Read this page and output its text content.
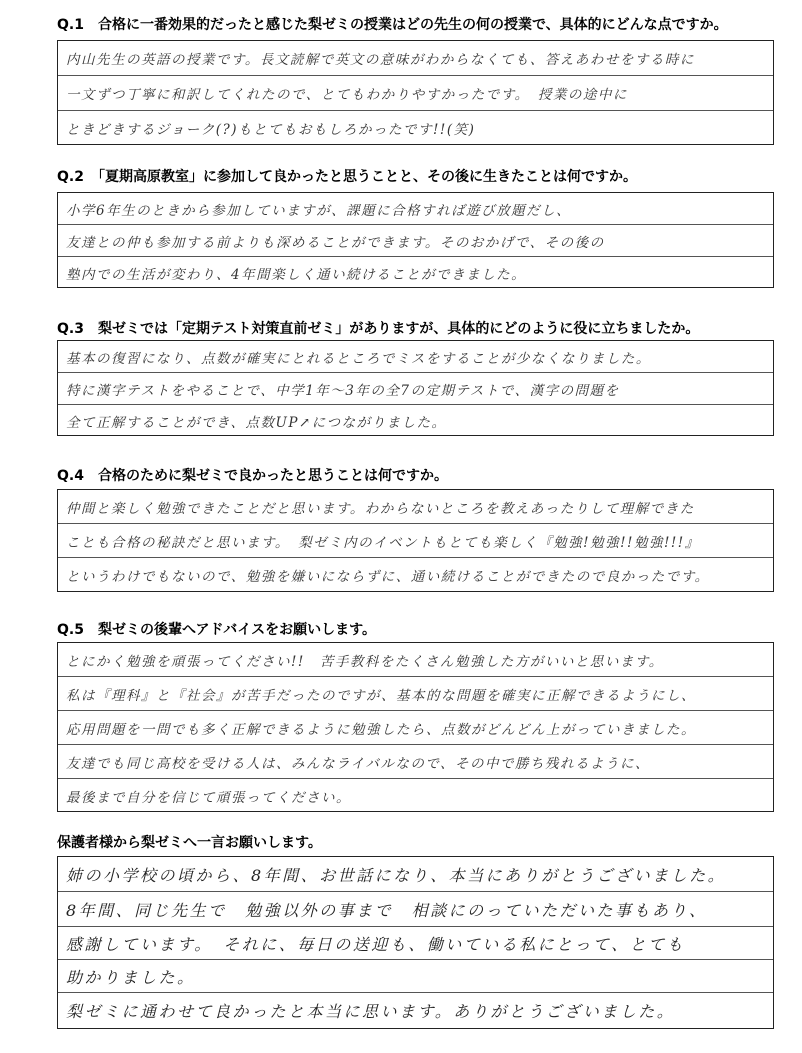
Q.1　合格に一番効果的だったと感じた梨ゼミの授業はどの先生の何の授業で、具体的にどんな点ですか。
内山先生の英語の授業です。長文読解で英文の意味がわからなくても、答えあわせをする時に
一文ずつ丁寧に和訳してくれたので、とてもわかりやすかったです。　授業の途中に
ときどきするジョーク(?)もとてもおもしろかったです!!(笑)
Q.2　「夏期高原教室」に参加して良かったと思うことと、その後に生きたことは何ですか。
小学6年生のときから参加していますが、課題に合格すれば遊び放題だし、
友達との仲も参加する前よりも深めることができます。そのおかげで、その後の
塾内での生活が変わり、4年間楽しく通い続けることができました。
Q.3　梨ゼミでは「定期テスト対策直前ゼミ」がありますが、具体的にどのように役に立ちましたか。
基本の復習になり、点数が確実にとれるところでミスをすることが少なくなりました。
特に漢字テストをやることで、中学1年〜3年の全7の定期テストで、漢字の問題を
全て正解することができ、点数UP↗につながりました。
Q.4　合格のために梨ゼミで良かったと思うことは何ですか。
仲間と楽しく勉強できたことだと思います。わからないところを教えあったりして理解できた
ことも合格の秘訣だと思います。　梨ゼミ内のイベントもとても楽しく『勉強!勉強!!勉強!!!』
というわけでもないので、勉強を嫌いにならずに、通い続けることができたので良かったです。
Q.5　梨ゼミの後輩へアドバイスをお願いします。
とにかく勉強を頑張ってください!!　苦手教科をたくさん勉強した方がいいと思います。
私は『理科』と『社会』が苦手だったのですが、基本的な問題を確実に正解できるようにし、
応用問題を一問でも多く正解できるように勉強したら、点数がどんどん上がっていきました。
友達でも同じ高校を受ける人は、みんなライバルなので、その中で勝ち残れるように、
最後まで自分を信じて頑張ってください。
保護者様から梨ゼミへ一言お願いします。
姉の小学校の頃から、8年間、お世話になり、本当にありがとうございました。
8年間、同じ先生で　勉強以外の事まで　相談にのっていただいた事もあり、
感謝しています。　それに、毎日の送迎も、働いている私にとって、とても
助かりました。
梨ゼミに通わせて良かったと本当に思います。ありがとうございました。
